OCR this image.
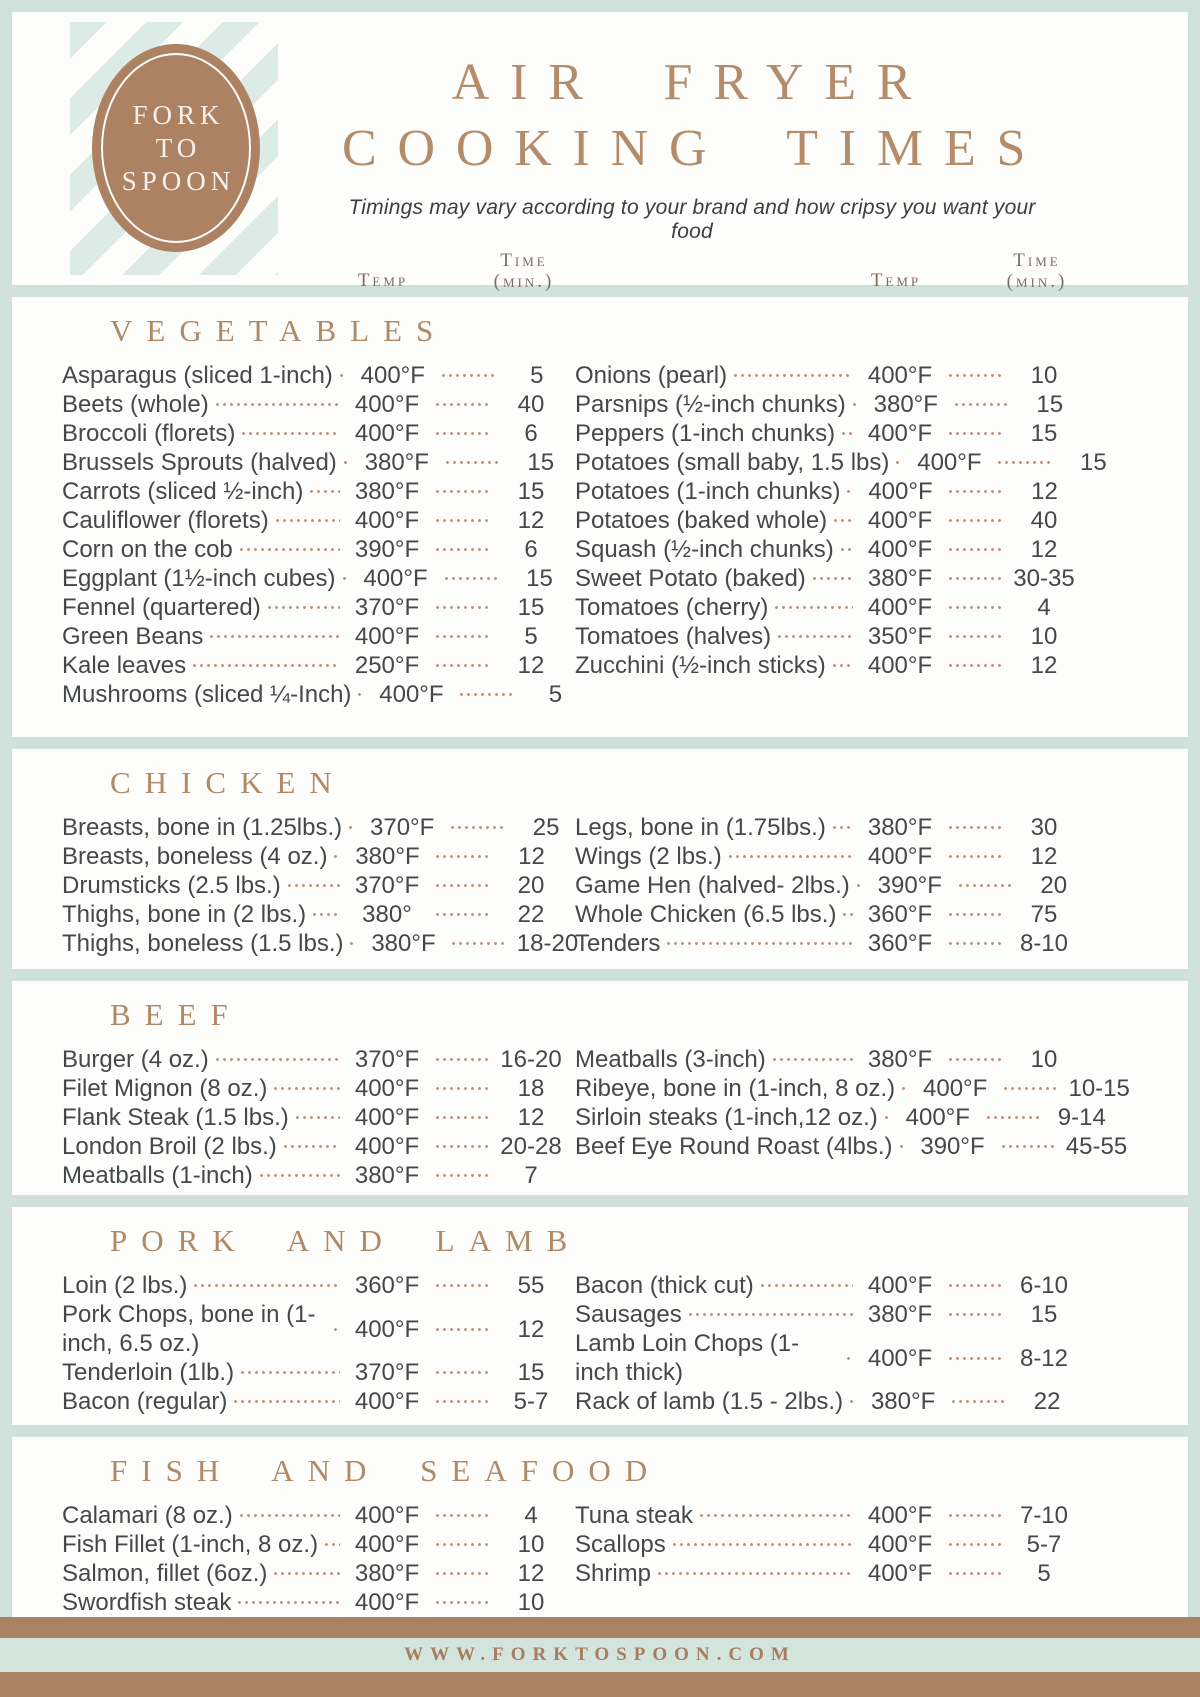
FORK
TO
SPOON
AIR FRYER
COOKING TIMES
Timings may vary according to your brand and how cripsy you want your food
Temp
Time
(min.)	Temp
Time
(min.)
VEGETABLES
Asparagus (sliced 1-inch)	400°F	5
Beets (whole)	400°F	40
Broccoli (florets)	400°F	6
Brussels Sprouts (halved)	380°F	15
Carrots (sliced ½-inch)	380°F	15
Cauliflower (florets)	400°F	12
Corn on the cob	390°F	6
Eggplant (1½-inch cubes)	400°F	15
Fennel (quartered)	370°F	15
Green Beans	400°F	5
Kale leaves	250°F	12
Mushrooms (sliced ¼-Inch)	400°F	5
Onions (pearl)	400°F	10
Parsnips (½-inch chunks)	380°F	15
Peppers (1-inch chunks)	400°F	15
Potatoes (small baby, 1.5 lbs)	400°F	15
Potatoes (1-inch chunks)	400°F	12
Potatoes (baked whole)	400°F	40
Squash (½-inch chunks)	400°F	12
Sweet Potato (baked)	380°F	30-35
Tomatoes (cherry)	400°F	4
Tomatoes (halves)	350°F	10
Zucchini (½-inch sticks)	400°F	12
CHICKEN
Breasts, bone in (1.25lbs.)	370°F	25
Breasts, boneless (4 oz.)	380°F	12
Drumsticks (2.5 lbs.)	370°F	20
Thighs, bone in (2 lbs.)	380°	22
Thighs, boneless (1.5 lbs.)	380°F	18-20
Legs, bone in (1.75lbs.)	380°F	30
Wings (2 lbs.)	400°F	12
Game Hen (halved- 2lbs.)	390°F	20
Whole Chicken (6.5 lbs.)	360°F	75
Tenders	360°F	8-10
BEEF
Burger (4 oz.)	370°F	16-20
Filet Mignon (8 oz.)	400°F	18
Flank Steak (1.5 lbs.)	400°F	12
London Broil (2 lbs.)	400°F	20-28
Meatballs (1-inch)	380°F	7
Meatballs (3-inch)	380°F	10
Ribeye, bone in (1-inch, 8 oz.)	400°F	10-15
Sirloin steaks (1-inch,12 oz.)	400°F	9-14
Beef Eye Round Roast (4lbs.)	390°F	45-55
PORK AND LAMB
Loin (2 lbs.)	360°F	55
Pork Chops, bone in (1-inch, 6.5 oz.)
400°F	12
Tenderloin (1lb.)	370°F	15
Bacon (regular)	400°F	5-7
Bacon (thick cut)	400°F	6-10
Sausages	380°F	15
Lamb Loin Chops (1-inch thick)
400°F	8-12
Rack of lamb (1.5 - 2lbs.)	380°F	22
FISH AND SEAFOOD
Calamari (8 oz.)	400°F	4
Fish Fillet (1-inch, 8 oz.)	400°F	10
Salmon, fillet (6oz.)	380°F	12
Swordfish steak	400°F	10
Tuna steak	400°F	7-10
Scallops	400°F	5-7
Shrimp	400°F	5
WWW.FORKTOSPOON.COM
